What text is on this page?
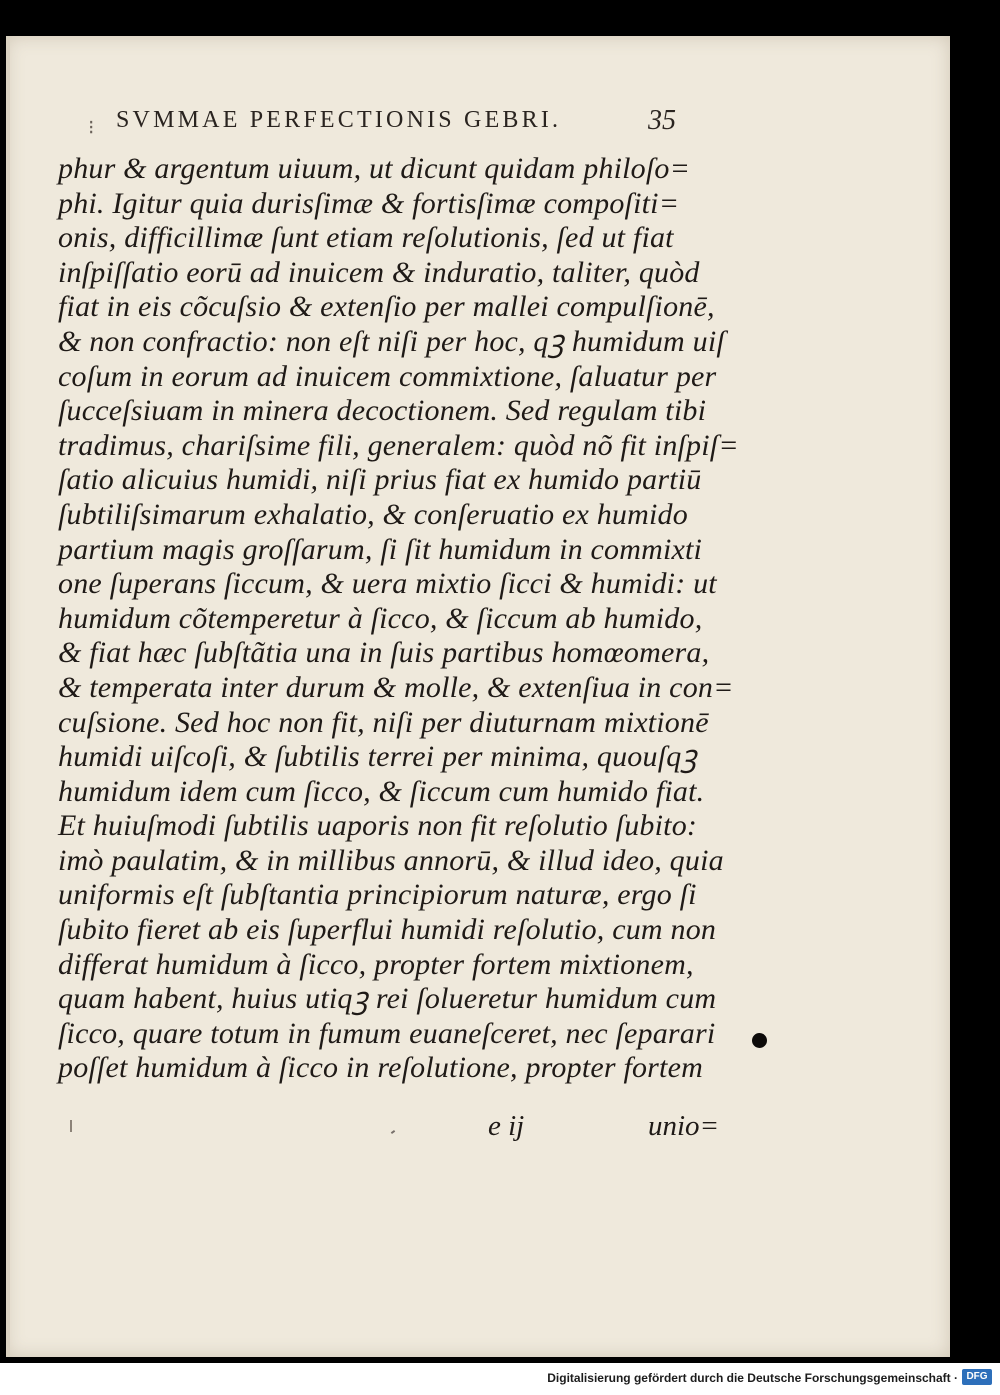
⁝ SVMMAE PERFECTIONIS GEBRI.	35
phur & argentum uiuum, ut dicunt quidam philoſo=
phi. Igitur quia durisſimæ & fortisſimæ compoſiti=
onis, difficillimæ ſunt etiam reſolutionis, ſed ut fiat
inſpiſſatio eorū ad inuicem & induratio, taliter, quòd
fiat in eis cõcuſsio & extenſio per mallei compulſionē,
& non confractio: non eſt niſi per hoc, qꝫ humidum uiſ
coſum in eorum ad inuicem commixtione, ſaluatur per
ſucceſsiuam in minera decoctionem. Sed regulam tibi
tradimus, chariſsime fili, generalem: quòd nõ fit inſpiſ=
ſatio alicuius humidi, niſi prius fiat ex humido partiū
ſubtiliſsimarum exhalatio, & conſeruatio ex humido
partium magis groſſarum, ſi ſit humidum in commixti
one ſuperans ſiccum, & uera mixtio ſicci & humidi: ut
humidum cõtemperetur à ſicco, & ſiccum ab humido,
& fiat hæc ſubſtãtia una in ſuis partibus homœomera,
& temperata inter durum & molle, & extenſiua in con=
cuſsione. Sed hoc non fit, niſi per diuturnam mixtionē
humidi uiſcoſi, & ſubtilis terrei per minima, quouſqꝫ
humidum idem cum ſicco, & ſiccum cum humido fiat.
Et huiuſmodi ſubtilis uaporis non fit reſolutio ſubito:
imò paulatim, & in millibus annorū, & illud ideo, quia
uniformis eſt ſubſtantia principiorum naturæ, ergo ſi
ſubito fieret ab eis ſuperflui humidi reſolutio, cum non
differat humidum à ſicco, propter fortem mixtionem,
quam habent, huius utiqꝫ rei ſolueretur humidum cum
ſicco, quare totum in fumum euaneſceret, nec ſeparari
poſſet humidum à ſicco in reſolutione, propter fortem
e ij	unio=
Digitalisierung gefördert durch die Deutsche Forschungsgemeinschaft · DFG
